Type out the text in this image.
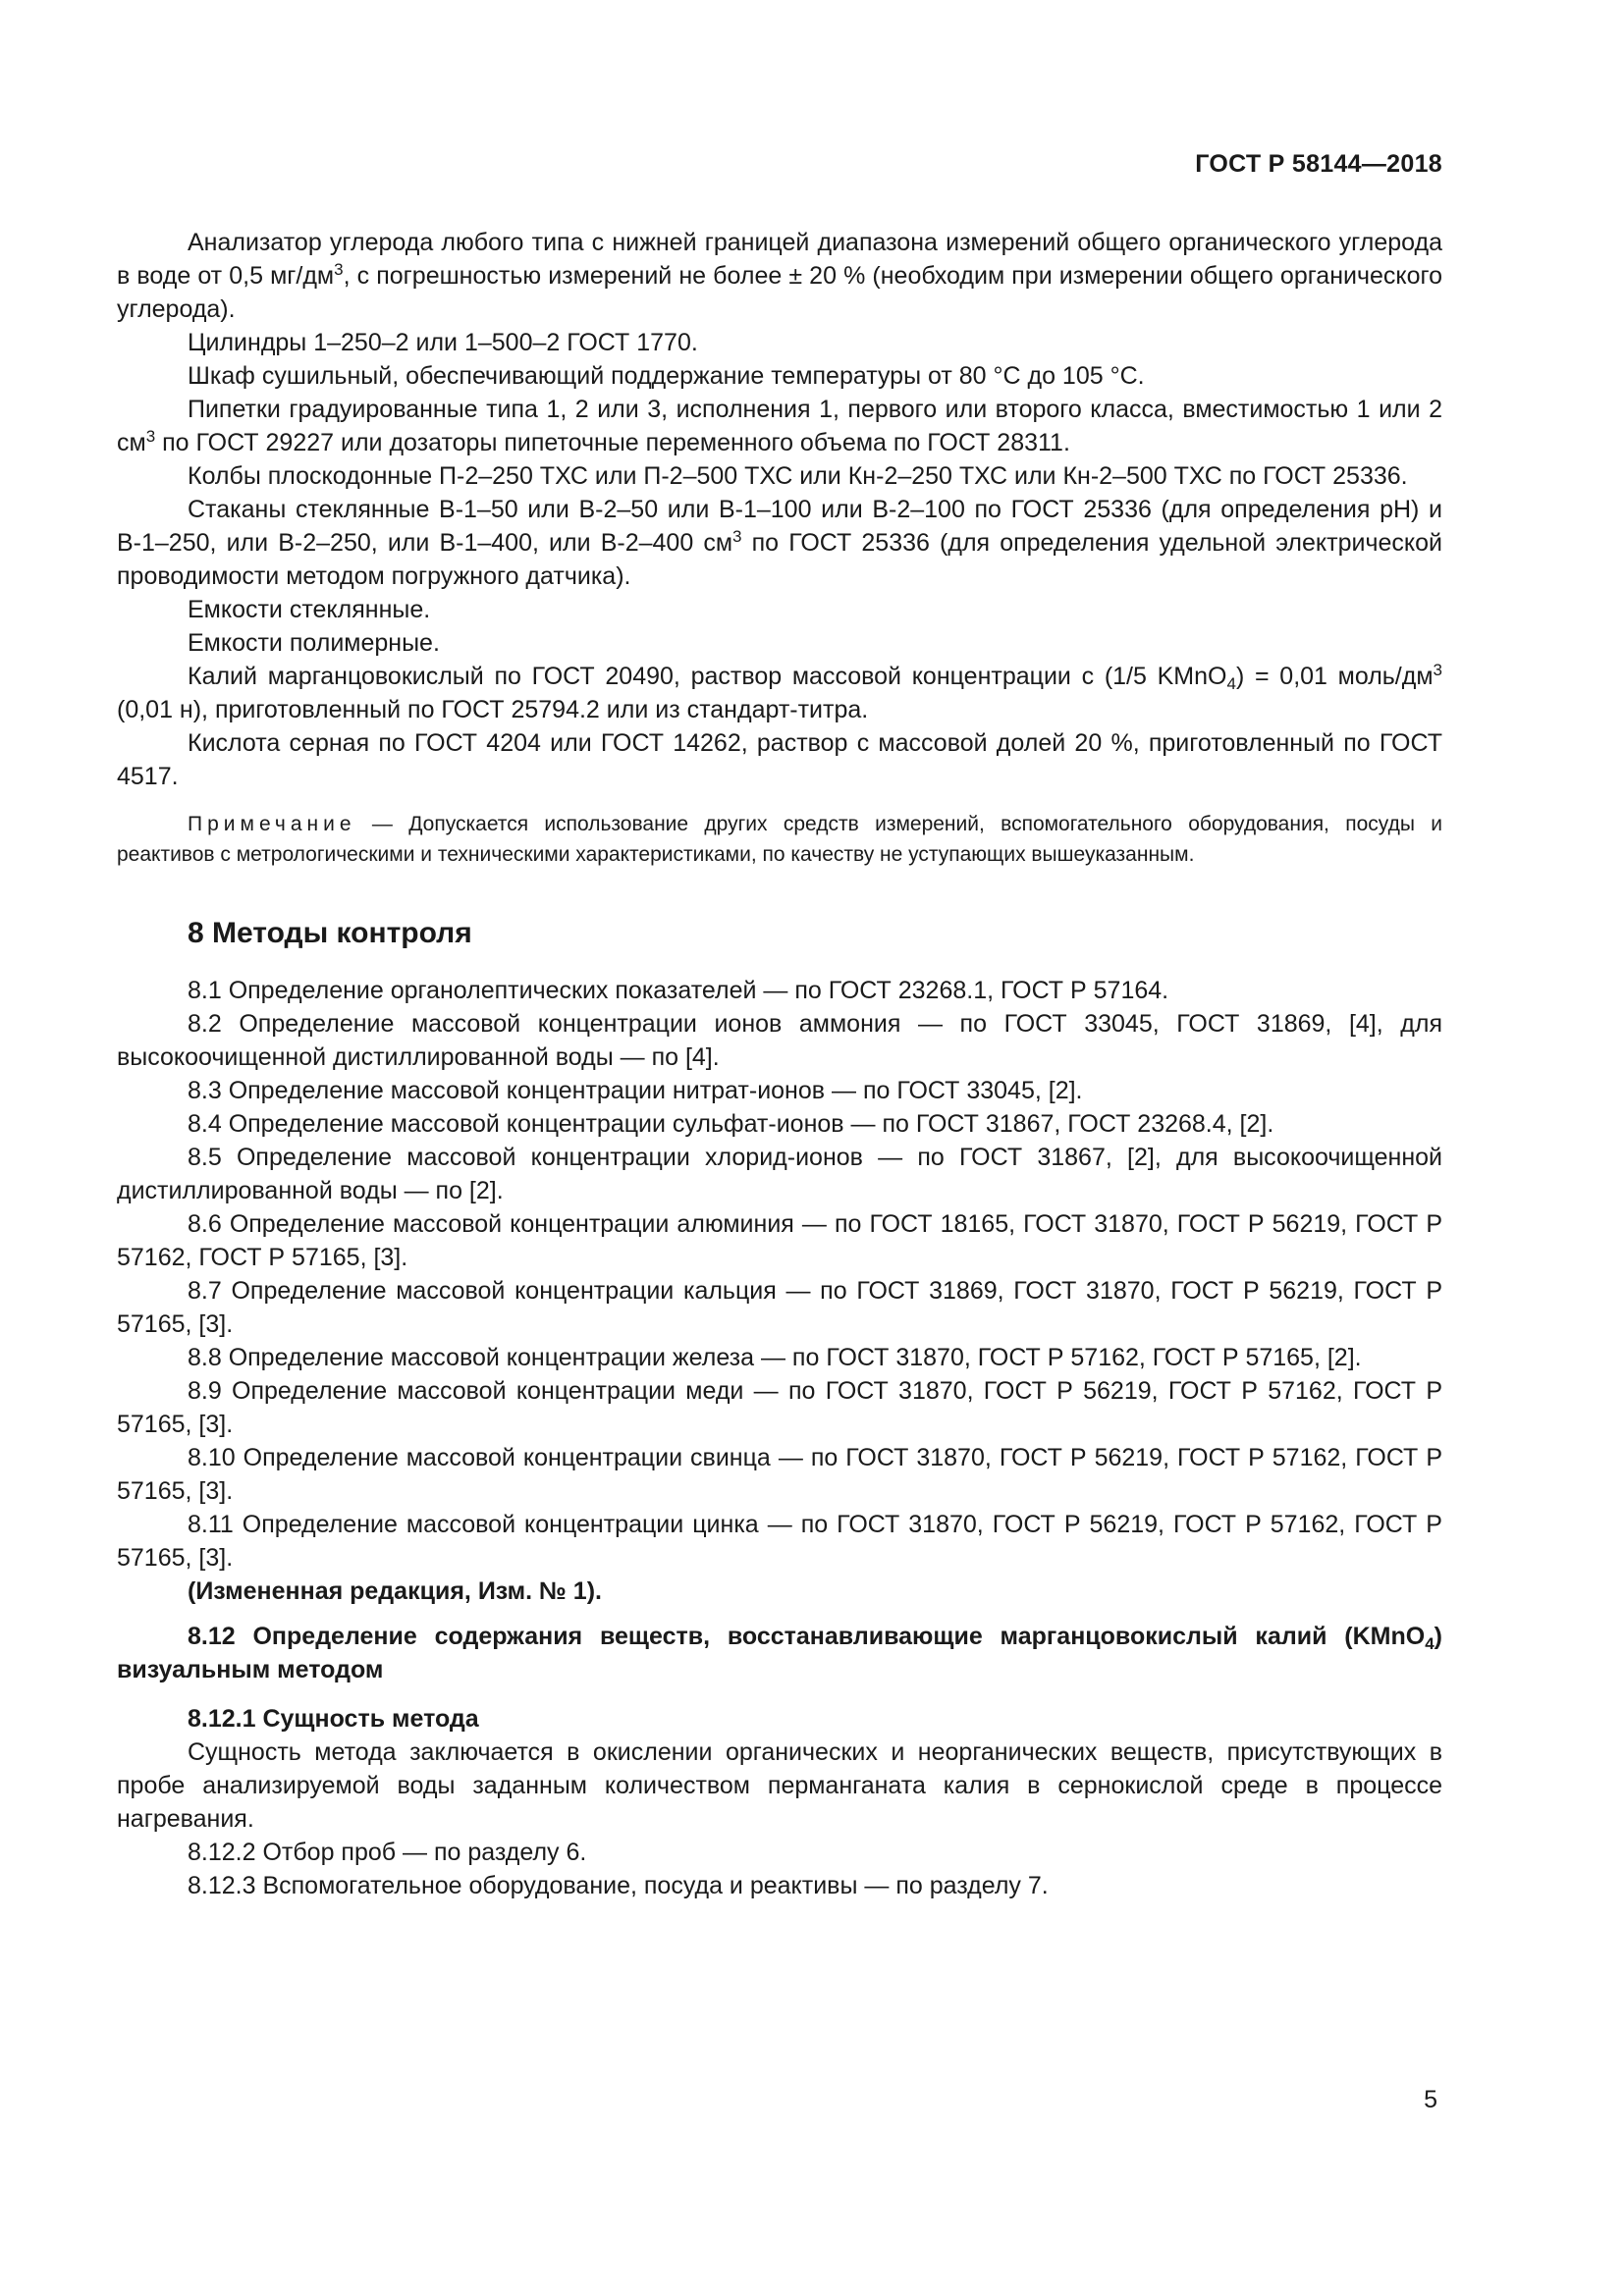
ГОСТ Р 58144—2018

Анализатор углерода любого типа с нижней границей диапазона измерений общего органического углерода в воде от 0,5 $мг/дм^3$, с погрешностью измерений не более ± 20 % (необходим при измерении общего органического углерода).

Цилиндры 1–250–2 или 1–500–2 ГОСТ 1770.

Шкаф сушильный, обеспечивающий поддержание температуры от 80 °С до 105 °С.

Пипетки градуированные типа 1, 2 или 3, исполнения 1, первого или второго класса, вместимостью 1 или 2 $см^3$ по ГОСТ 29227 или дозаторы пипеточные переменного объема по ГОСТ 28311.

Колбы плоскодонные П-2–250 ТХС или П-2–500 ТХС или Кн-2–250 ТХС или Кн-2–500 ТХС по ГОСТ 25336.

Стаканы стеклянные В-1–50 или В-2–50 или В-1–100 или В-2–100 по ГОСТ 25336 (для определения pH) и В-1–250, или В-2–250, или В-1–400, или В-2–400 $см^3$ по ГОСТ 25336 (для определения удельной электрической проводимости методом погружного датчика).

Емкости стеклянные.

Емкости полимерные.

Калий марганцовокислый по ГОСТ 20490, раствор массовой концентрации с (1/5 KMnO$_4$) = 0,01 моль/$дм^3$ (0,01 н), приготовленный по ГОСТ 25794.2 или из стандарт-титра.

Кислота серная по ГОСТ 4204 или ГОСТ 14262, раствор с массовой долей 20 %, приготовленный по ГОСТ 4517.

Примечание — Допускается использование других средств измерений, вспомогательного оборудования, посуды и реактивов с метрологическими и техническими характеристиками, по качеству не уступающих вышеуказанным.

8 Методы контроля

8.1 Определение органолептических показателей — по ГОСТ 23268.1, ГОСТ Р 57164.

8.2 Определение массовой концентрации ионов аммония — по ГОСТ 33045, ГОСТ 31869, [4], для высокоочищенной дистиллированной воды — по [4].

8.3 Определение массовой концентрации нитрат-ионов — по ГОСТ 33045, [2].

8.4 Определение массовой концентрации сульфат-ионов — по ГОСТ 31867, ГОСТ 23268.4, [2].

8.5 Определение массовой концентрации хлорид-ионов — по ГОСТ 31867, [2], для высокоочищенной дистиллированной воды — по [2].

8.6 Определение массовой концентрации алюминия — по ГОСТ 18165, ГОСТ 31870, ГОСТ Р 56219, ГОСТ Р 57162, ГОСТ Р 57165, [3].

8.7 Определение массовой концентрации кальция — по ГОСТ 31869, ГОСТ 31870, ГОСТ Р 56219, ГОСТ Р 57165, [3].

8.8 Определение массовой концентрации железа — по ГОСТ 31870, ГОСТ Р 57162, ГОСТ Р 57165, [2].

8.9 Определение массовой концентрации меди — по ГОСТ 31870, ГОСТ Р 56219, ГОСТ Р 57162, ГОСТ Р 57165, [3].

8.10 Определение массовой концентрации свинца — по ГОСТ 31870, ГОСТ Р 56219, ГОСТ Р 57162, ГОСТ Р 57165, [3].

8.11 Определение массовой концентрации цинка — по ГОСТ 31870, ГОСТ Р 56219, ГОСТ Р 57162, ГОСТ Р 57165, [3].

(Измененная редакция, Изм. № 1).

8.12 Определение содержания веществ, восстанавливающие марганцовокислый калий (KMnO$_4$) визуальным методом

8.12.1 Сущность метода

Сущность метода заключается в окислении органических и неорганических веществ, присутствующих в пробе анализируемой воды заданным количеством перманганата калия в сернокислой среде в процессе нагревания.

8.12.2 Отбор проб — по разделу 6.

8.12.3 Вспомогательное оборудование, посуда и реактивы — по разделу 7.

5
